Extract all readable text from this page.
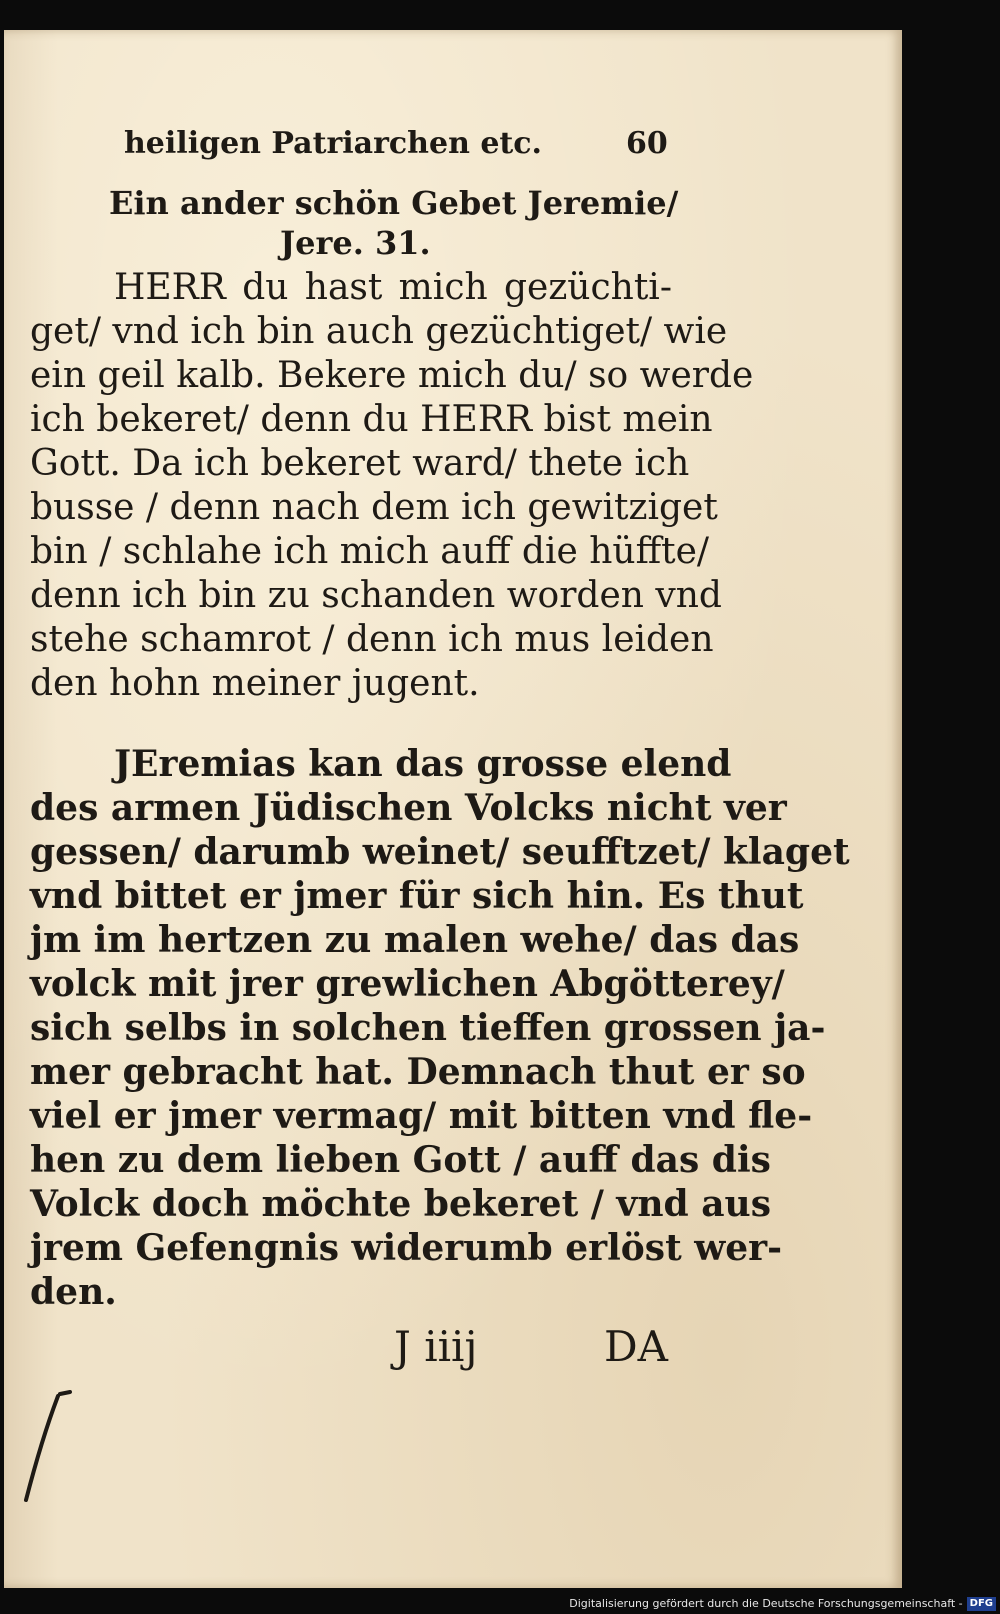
heiligen Patriarchen etc.	60
Ein ander schön Gebet Jeremie/
Jere. 31.
HERR du hast mich gezüchti-
get/ vnd ich bin auch gezüchtiget/ wie
ein geil kalb. Bekere mich du/ so werde
ich bekeret/ denn du HERR bist mein
Gott. Da ich bekeret ward/ thete ich
busse / denn nach dem ich gewitziget
bin / schlahe ich mich auff die hüffte/
denn ich bin zu schanden worden vnd
stehe schamrot / denn ich mus leiden
den hohn meiner jugent.
JEremias kan das grosse elend
des armen Jüdischen Volcks nicht ver
gessen/ darumb weinet/ seufftzet/ klaget
vnd bittet er jmer für sich hin. Es thut
jm im hertzen zu malen wehe/ das das
volck mit jrer grewlichen Abgötterey/
sich selbs in solchen tieffen grossen ja-
mer gebracht hat. Demnach thut er so
viel er jmer vermag/ mit bitten vnd fle-
hen zu dem lieben Gott / auff das dis
Volck doch möchte bekeret / vnd aus
jrem Gefengnis widerumb erlöst wer-
den.
J iiij	DA
Digitalisierung gefördert durch die Deutsche Forschungsgemeinschaft - DFG
